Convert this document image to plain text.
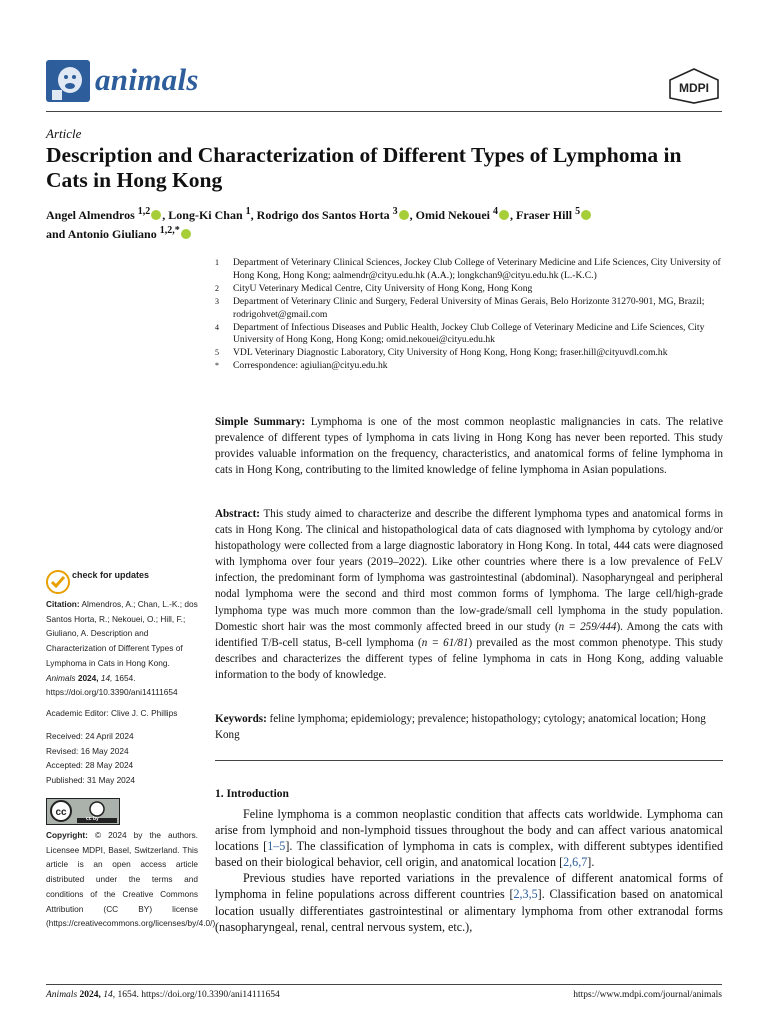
animals	MDPI
Article
Description and Characterization of Different Types of Lymphoma in Cats in Hong Kong
Angel Almendros $^{1,2}$ , Long-Ki Chan $^1$, Rodrigo dos Santos Horta $^3$ , Omid Nekouei $^4$ , Fraser Hill $^5$
and Antonio Giuliano $^{1,2,*}$
1	Department of Veterinary Clinical Sciences, Jockey Club College of Veterinary Medicine and Life Sciences, City University of Hong Kong, Hong Kong; aalmendr@cityu.edu.hk (A.A.); longkchan9@cityu.edu.hk (L.-K.C.)
2	CityU Veterinary Medical Centre, City University of Hong Kong, Hong Kong
3	Department of Veterinary Clinic and Surgery, Federal University of Minas Gerais, Belo Horizonte 31270-901, MG, Brazil; rodrigohvet@gmail.com
4	Department of Infectious Diseases and Public Health, Jockey Club College of Veterinary Medicine and Life Sciences, City University of Hong Kong, Hong Kong; omid.nekouei@cityu.edu.hk
5	VDL Veterinary Diagnostic Laboratory, City University of Hong Kong, Hong Kong; fraser.hill@cityuvdl.com.hk
*	Correspondence: agiulian@cityu.edu.hk
Simple Summary: Lymphoma is one of the most common neoplastic malignancies in cats. The relative prevalence of different types of lymphoma in cats living in Hong Kong has never been reported. This study provides valuable information on the frequency, characteristics, and anatomical forms of feline lymphoma in cats in Hong Kong, contributing to the limited knowledge of feline lymphoma in Asian populations.
Abstract: This study aimed to characterize and describe the different lymphoma types and anatomical forms in cats in Hong Kong. The clinical and histopathological data of cats diagnosed with lymphoma by cytology and/or histopathology were collected from a large diagnostic laboratory in Hong Kong. In total, 444 cats were diagnosed with lymphoma over four years (2019–2022). Like other countries where there is a low prevalence of FeLV infection, the predominant form of lymphoma was gastrointestinal (abdominal). Nasopharyngeal and peripheral nodal lymphoma were the second and third most common forms of lymphoma. The large cell/high-grade lymphoma type was much more common than the low-grade/small cell lymphoma in the study population. Domestic short hair was the most commonly affected breed in our study (n = 259/444). Among the cats with identified T/B-cell status, B-cell lymphoma (n = 61/81) prevailed as the most common phenotype. This study describes and characterizes the different types of feline lymphoma in cats in Hong Kong, adding valuable information to the body of knowledge.
Keywords: feline lymphoma; epidemiology; prevalence; histopathology; cytology; anatomical location; Hong Kong
1. Introduction

Feline lymphoma is a common neoplastic condition that affects cats worldwide. Lymphoma can arise from lymphoid and non-lymphoid tissues throughout the body and can affect various anatomical locations [1–5]. The classification of lymphoma in cats is complex, with different subtypes identified based on their biological behavior, cell origin, and anatomical location [2,6,7].

Previous studies have reported variations in the prevalence of different anatomical forms of lymphoma in feline populations across different countries [2,3,5]. Classification based on anatomical location usually differentiates gastrointestinal or alimentary lymphoma from other extranodal forms (nasopharyngeal, renal, central nervous system, etc.),

check for updates
Citation: Almendros, A.; Chan, L.-K.; dos Santos Horta, R.; Nekouei, O.; Hill, F.; Giuliano, A. Description and Characterization of Different Types of Lymphoma in Cats in Hong Kong. Animals 2024, 14, 1654. https://doi.org/10.3390/ani14111654
Academic Editor: Clive J. C. Phillips
Received: 24 April 2024
Revised: 16 May 2024
Accepted: 28 May 2024
Published: 31 May 2024
cc
cc by
Copyright: © 2024 by the authors. Licensee MDPI, Basel, Switzerland. This article is an open access article distributed under the terms and conditions of the Creative Commons Attribution (CC BY) license (https://creativecommons.org/licenses/by/4.0/).
Animals 2024, 14, 1654. https://doi.org/10.3390/ani14111654	https://www.mdpi.com/journal/animals
